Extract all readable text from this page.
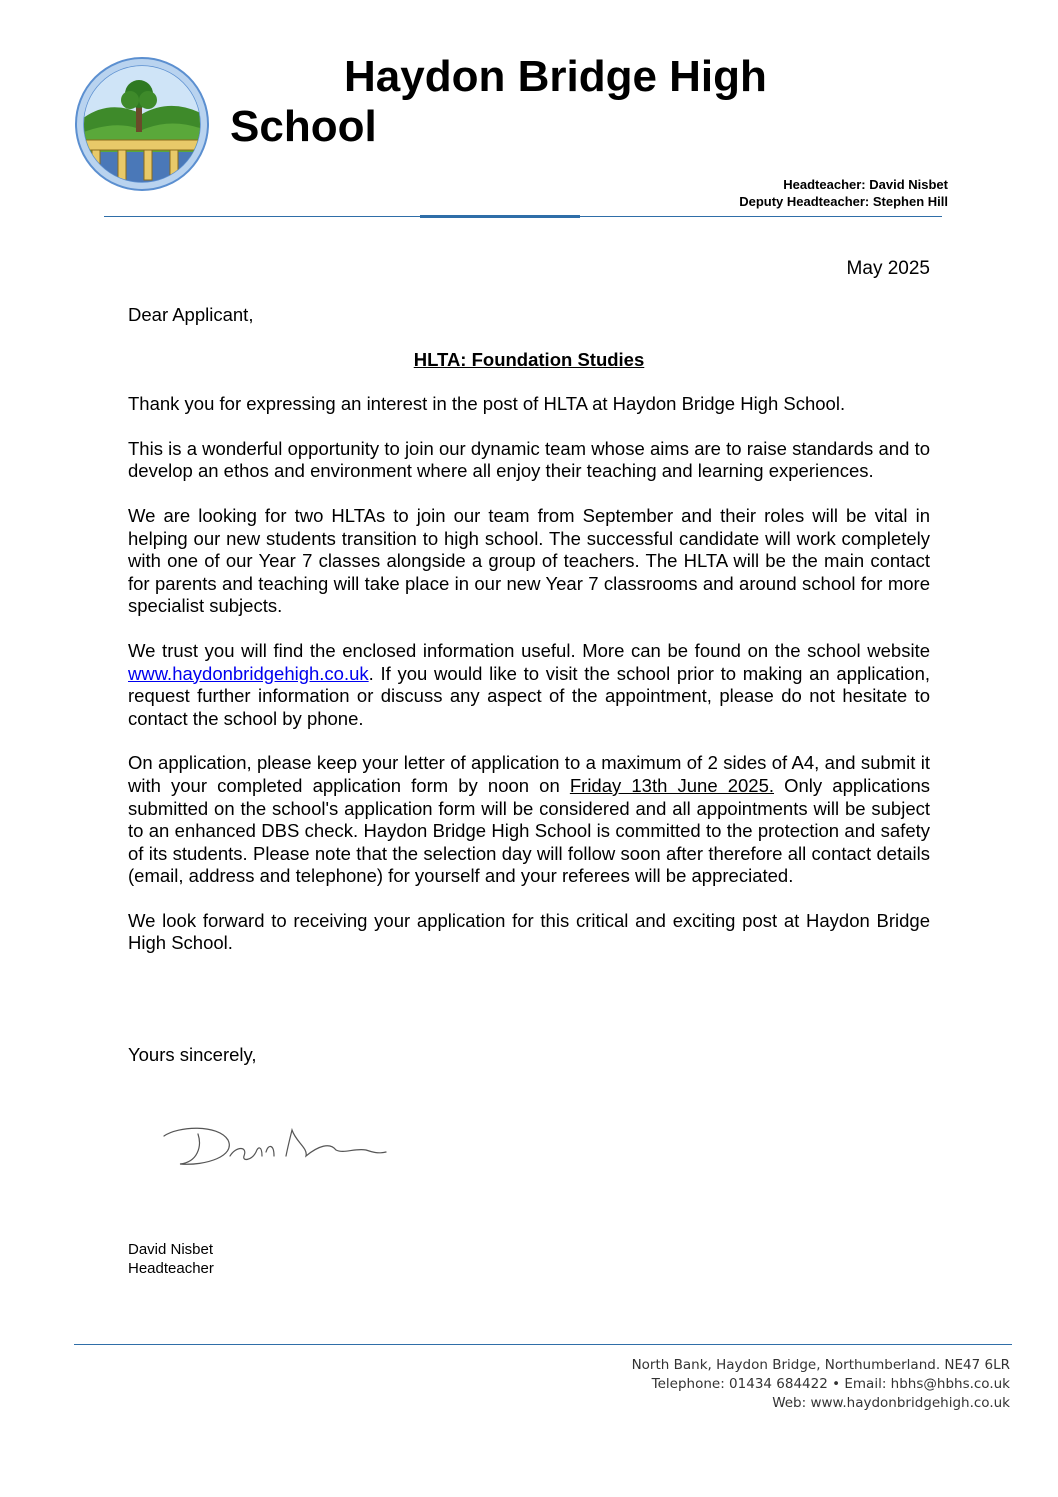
Haydon Bridge High
School
Headteacher: David Nisbet
Deputy Headteacher: Stephen Hill
May 2025

Dear Applicant,

HLTA: Foundation Studies

Thank you for expressing an interest in the post of HLTA at Haydon Bridge High School.

This is a wonderful opportunity to join our dynamic team whose aims are to raise standards and to develop an ethos and environment where all enjoy their teaching and learning experiences.

We are looking for two HLTAs to join our team from September and their roles will be vital in helping our new students transition to high school. The successful candidate will work completely with one of our Year 7 classes alongside a group of teachers. The HLTA will be the main contact for parents and teaching will take place in our new Year 7 classrooms and around school for more specialist subjects.

We trust you will find the enclosed information useful. More can be found on the school website www.haydonbridgehigh.co.uk. If you would like to visit the school prior to making an application, request further information or discuss any aspect of the appointment, please do not hesitate to contact the school by phone.

On application, please keep your letter of application to a maximum of 2 sides of A4, and submit it with your completed application form by noon on Friday 13th June 2025. Only applications submitted on the school's application form will be considered and all appointments will be subject to an enhanced DBS check. Haydon Bridge High School is committed to the protection and safety of its students. Please note that the selection day will follow soon after therefore all contact details (email, address and telephone) for yourself and your referees will be appreciated.

We look forward to receiving your application for this critical and exciting post at Haydon Bridge High School.

Yours sincerely,
David Nisbet
Headteacher
North Bank, Haydon Bridge, Northumberland. NE47 6LR
Telephone: 01434 684422 • Email: hbhs@hbhs.co.uk
Web: www.haydonbridgehigh.co.uk
